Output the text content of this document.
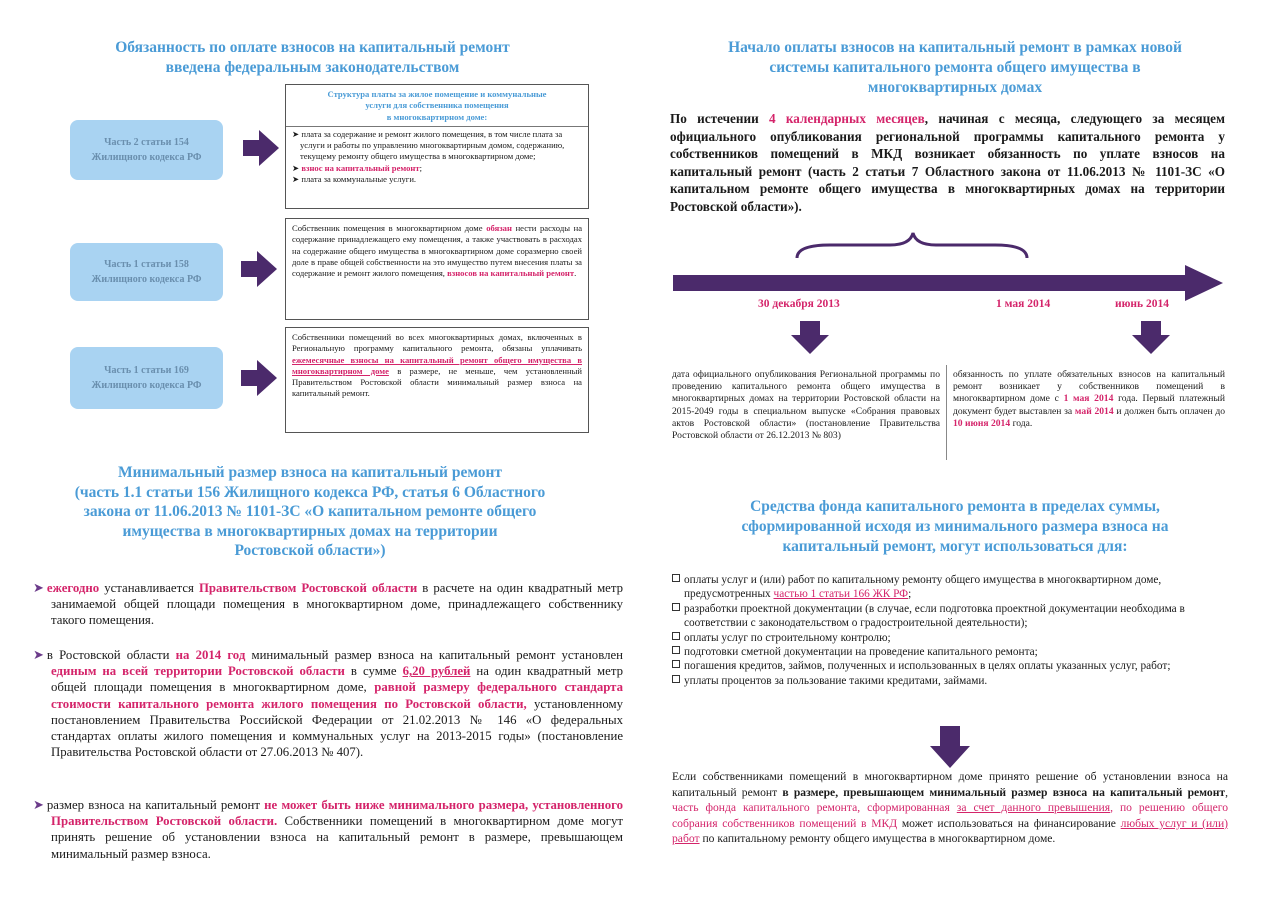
Обязанность по оплате взносов на капитальный ремонт
введена федеральным законодательством
Часть 2 статьи 154
Жилищного кодекса РФ
Структура платы за жилое помещение и коммунальные
услуги для собственника помещения
в многоквартирном доме:
➤ плата за содержание и ремонт жилого помещения, в том числе плата за услуги и работы по управлению многоквартирным домом, содержанию, текущему ремонту общего имущества в многоквартирном доме;
➤ взнос на капитальный ремонт;
➤ плата за коммунальные услуги.
Часть 1 статьи 158
Жилищного кодекса РФ
Собственник помещения в многоквартирном доме обязан нести расходы на содержание принадлежащего ему помещения, а также участвовать в расходах на содержание общего имущества в многоквартирном доме соразмерно своей доле в праве общей собственности на это имущество путем внесения платы за содержание и ремонт жилого помещения, взносов на капитальный ремонт.
Часть 1 статьи 169
Жилищного кодекса РФ
Собственники помещений во всех многоквартирных домах, включенных в Региональную программу капитального ремонта, обязаны уплачивать ежемесячные взносы на капитальный ремонт общего имущества в многоквартирном доме в размере, не меньше, чем установленный Правительством Ростовской области минимальный размер взноса на капитальный ремонт.
Минимальный размер взноса на капитальный ремонт
(часть 1.1 статьи 156 Жилищного кодекса РФ, статья 6 Областного
закона от 11.06.2013 № 1101-ЗС «О капитальном ремонте общего
имущества в многоквартирных домах на территории
Ростовской области»)
➤ ежегодно устанавливается Правительством Ростовской области в расчете на один квадратный метр занимаемой общей площади помещения в многоквартирном доме, принадлежащего собственнику такого помещения.
➤ в Ростовской области на 2014 год минимальный размер взноса на капитальный ремонт установлен единым на всей территории Ростовской области в сумме 6,20 рублей на один квадратный метр общей площади помещения в многоквартирном доме, равной размеру федерального стандарта стоимости капитального ремонта жилого помещения по Ростовской области, установленному постановлением Правительства Российской Федерации от 21.02.2013 № 146 «О федеральных стандартах оплаты жилого помещения и коммунальных услуг на 2013-2015 годы» (постановление Правительства Ростовской области от 27.06.2013 № 407).
➤ размер взноса на капитальный ремонт не может быть ниже минимального размера, установленного Правительством Ростовской области. Собственники помещений в многоквартирном доме могут принять решение об установлении взноса на капитальный ремонт в размере, превышающем минимальный размер взноса.
Начало оплаты взносов на капитальный ремонт в рамках новой
системы капитального ремонта общего имущества в
многоквартирных домах
По истечении 4 календарных месяцев, начиная с месяца, следующего за месяцем официального опубликования региональной программы капитального ремонта у собственников помещений в МКД возникает обязанность по уплате взносов на капитальный ремонт (часть 2 статьи 7 Областного закона от 11.06.2013 № 1101-ЗС «О капитальном ремонте общего имущества в многоквартирных домах на территории Ростовской области»).
30 декабря 2013	1 мая 2014	июнь 2014
дата официального опубликования Региональной программы по проведению капитального ремонта общего имущества в многоквартирных домах на территории Ростовской области на 2015-2049 годы в специальном выпуске «Собрания правовых актов Ростовской области» (постановление Правительства Ростовской области от 26.12.2013 № 803)
обязанность по уплате обязательных взносов на капитальный ремонт возникает у собственников помещений в многоквартирном доме с 1 мая 2014 года. Первый платежный документ будет выставлен за май 2014 и должен быть оплачен до 10 июня 2014 года.
Средства фонда капитального ремонта в пределах суммы,
сформированной исходя из минимального размера взноса на
капитальный ремонт, могут использоваться для:
оплаты услуг и (или) работ по капитальному ремонту общего имущества в многоквартирном доме, предусмотренных частью 1 статьи 166 ЖК РФ;
разработки проектной документации (в случае, если подготовка проектной документации необходима в соответствии с законодательством о градостроительной деятельности);
оплаты услуг по строительному контролю;
подготовки сметной документации на проведение капитального ремонта;
погашения кредитов, займов, полученных и использованных в целях оплаты указанных услуг, работ;
уплаты процентов за пользование такими кредитами, займами.
Если собственниками помещений в многоквартирном доме принято решение об установлении взноса на капитальный ремонт в размере, превышающем минимальный размер взноса на капитальный ремонт, часть фонда капитального ремонта, сформированная за счет данного превышения, по решению общего собрания собственников помещений в МКД может использоваться на финансирование любых услуг и (или) работ по капитальному ремонту общего имущества в многоквартирном доме.
